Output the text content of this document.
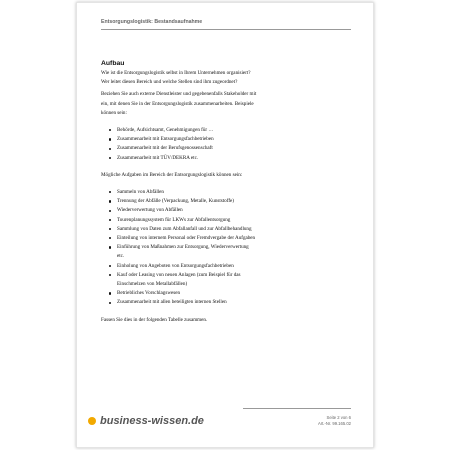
Entsorgungslogistik: Bestandsaufnahme
Aufbau

Wie ist die Entsorgungslogistik selbst in Ihrem Unternehmen organisiert?

Wer leitet diesen Bereich und welche Stellen sind ihm zugeordnet?

Beziehen Sie auch externe Dienstleister und gegebenenfalls Stakeholder mit

ein, mit denen Sie in der Entsorgungslogistik zusammenarbeiten. Beispiele

können sein:

Behörde, Aufsichtsamt, Genehmigungen für …
Zusammenarbeit mit Entsorgungsfachbetrieben
Zusammenarbeit mit der Berufsgenossenschaft
Zusammenarbeit mit TÜV/DEKRA etc.

Mögliche Aufgaben im Bereich der Entsorgungslogistik können sein:

Sammeln von Abfällen
Trennung der Abfälle (Verpackung, Metalle, Kunststoffe)
Wiederverwertung von Abfällen
Tourenplanungssystem für LKWs zur Abfallentsorgung
Sammlung von Daten zum Abfallanfall und zur Abfallbehandlung
Einteilung von internem Personal oder Fremdvergabe der Aufgaben
Einführung von Maßnahmen zur Entsorgung, Wiederverwertung
etc.
Einholung von Angeboten von Entsorgungsfachbetrieben
Kauf oder Leasing von neuen Anlagen (zum Beispiel für das
Einschmelzen von Metallabfällen)
Betriebliches Vorschlagswesen
Zusammenarbeit mit allen beteiligten internen Stellen

Fassen Sie dies in der folgenden Tabelle zusammen.

business-wissen.de	Seite 2 von 6
Art.-Nr. 99.165.02
